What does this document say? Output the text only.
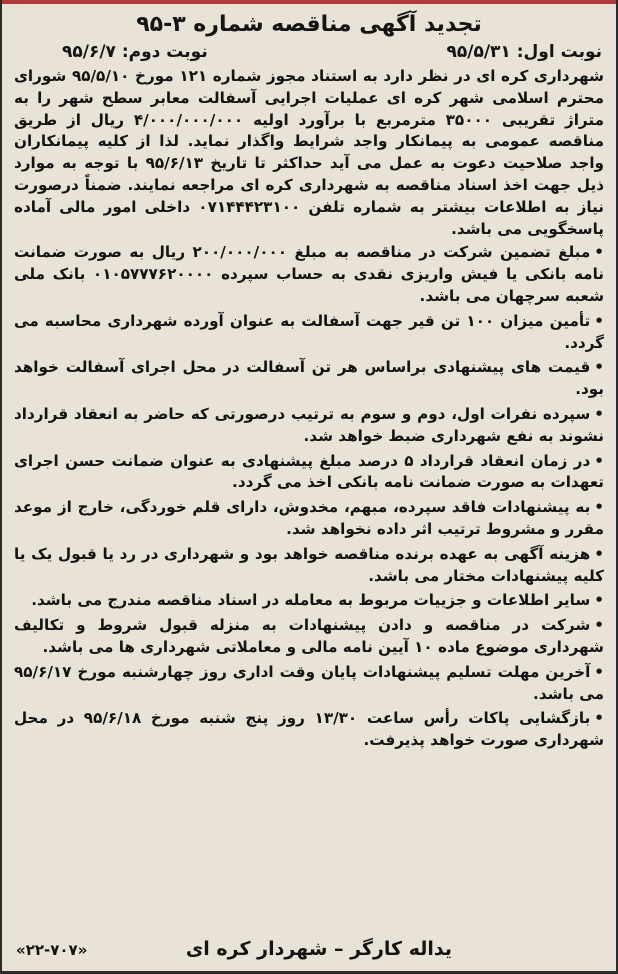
تجدید آگهی مناقصه شماره ۳-۹۵
نوبت اول: ۹۵/۵/۳۱
نوبت دوم: ۹۵/۶/۷
شهرداری کره ای در نظر دارد به استناد مجوز شماره ۱۲۱ مورخ ۹۵/۵/۱۰ شورای محترم اسلامی شهر کره ای عملیات اجرایی آسفالت معابر سطح شهر را به متراژ تقریبی ۳۵۰۰۰ مترمربع با برآورد اولیه ۴/۰۰۰/۰۰۰/۰۰۰ ریال از طریق مناقصه عمومی به پیمانکار واجد شرایط واگذار نماید. لذا از کلیه پیمانکاران واجد صلاحیت دعوت به عمل می آید حداکثر تا تاریخ ۹۵/۶/۱۳ با توجه به موارد ذیل جهت اخذ اسناد مناقصه به شهرداری کره ای مراجعه نمایند. ضمناً درصورت نیاز به اطلاعات بیشتر به شماره تلفن ۰۷۱۴۴۴۲۳۱۰۰ داخلی امور مالی آماده پاسخگویی می باشد.
•مبلغ تضمین شرکت در مناقصه به مبلغ ۲۰۰/۰۰۰/۰۰۰ ریال به صورت ضمانت نامه بانکی یا فیش واریزی نقدی به حساب سپرده ۰۱۰۵۷۷۷۶۲۰۰۰۰ بانک ملی شعبه سرچهان می باشد.
•تأمین میزان ۱۰۰ تن قیر جهت آسفالت به عنوان آورده شهرداری محاسبه می گردد.
•قیمت های پیشنهادی براساس هر تن آسفالت در محل اجرای آسفالت خواهد بود.
•سپرده نفرات اول، دوم و سوم به ترتیب درصورتی که حاضر به انعقاد قرارداد نشوند به نفع شهرداری ضبط خواهد شد.
•در زمان انعقاد قرارداد ۵ درصد مبلغ پیشنهادی به عنوان ضمانت حسن اجرای تعهدات به صورت ضمانت نامه بانکی اخذ می گردد.
•به پیشنهادات فاقد سپرده، مبهم، مخدوش، دارای قلم خوردگی، خارج از موعد مقرر و مشروط ترتیب اثر داده نخواهد شد.
•هزینه آگهی به عهده برنده مناقصه خواهد بود و شهرداری در رد یا قبول یک یا کلیه پیشنهادات مختار می باشد.
•سایر اطلاعات و جزییات مربوط به معامله در اسناد مناقصه مندرج می باشد.
•شرکت در مناقصه و دادن پیشنهادات به منزله قبول شروط و تکالیف شهرداری موضوع ماده ۱۰ آیین نامه مالی و معاملاتی شهرداری ها می باشد.
•آخرین مهلت تسلیم پیشنهادات پایان وقت اداری روز چهارشنبه مورخ ۹۵/۶/۱۷ می باشد.
•بازگشایی پاکات رأس ساعت ۱۳/۳۰ روز پنج شنبه مورخ ۹۵/۶/۱۸ در محل شهرداری صورت خواهد پذیرفت.
یداله کارگر – شهردار کره ای
«۲۲-۷۰۷»
